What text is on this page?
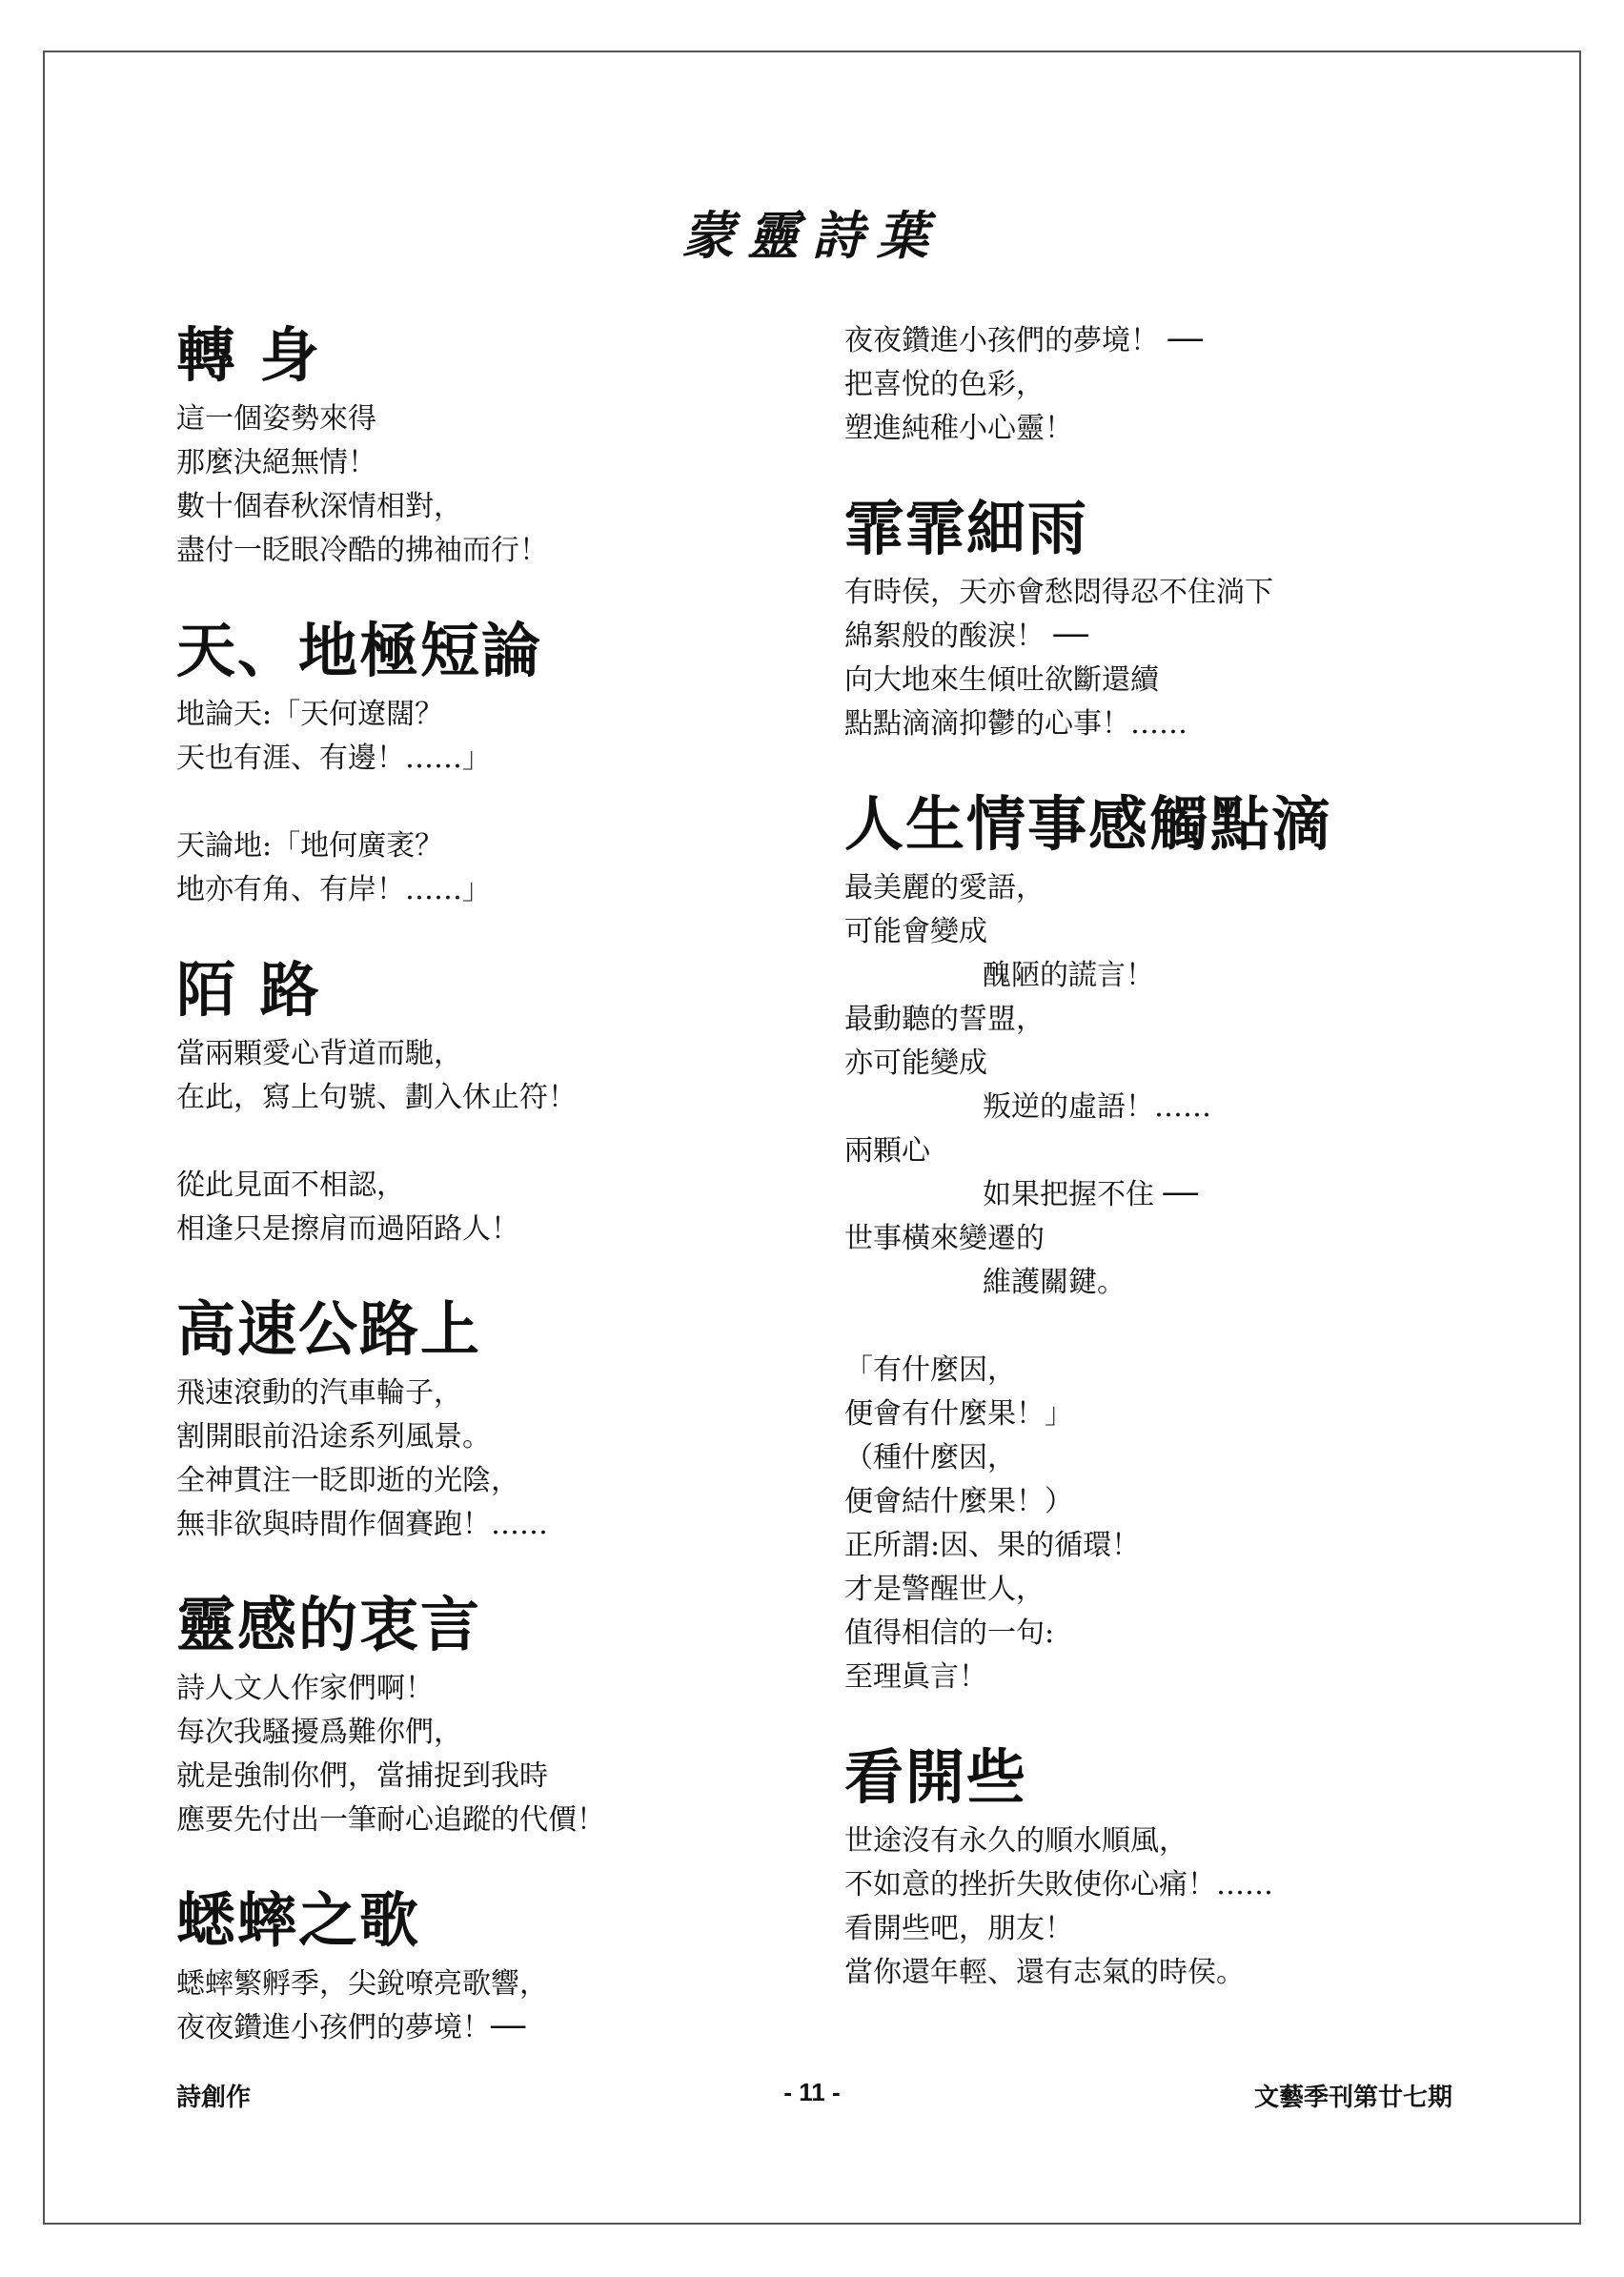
蒙靈詩葉
轉 身
這一個姿勢來得
那麼決絕無情！
數十個春秋深情相對，
盡付一眨眼冷酷的拂袖而行！
天、地極短論
地論天:「天何遼闊？
天也有涯、有邊！……」
天論地:「地何廣袤？
地亦有角、有岸！……」
陌 路
當兩顆愛心背道而馳，
在此，寫上句號、劃入休止符！
從此見面不相認，
相逢只是擦肩而過陌路人！
高速公路上
飛速滾動的汽車輪子，
割開眼前沿途系列風景。
全神貫注一眨即逝的光陰，
無非欲與時間作個賽跑！……
靈感的衷言
詩人文人作家們啊！
每次我騷擾爲難你們，
就是強制你們，當捕捉到我時
應要先付出一筆耐心追蹤的代價！
蟋蟀之歌
蟋蟀繁孵季，尖銳嘹亮歌響，
夜夜鑽進小孩們的夢境！──
夜夜鑽進小孩們的夢境！ ──
把喜悅的色彩，
塑進純稚小心靈！
霏霏細雨
有時侯，天亦會愁悶得忍不住淌下
綿絮般的酸淚！ ──
向大地來生傾吐欲斷還續
點點滴滴抑鬱的心事！……
人生情事感觸點滴
最美麗的愛語，
可能會變成
醜陋的謊言！
最動聽的誓盟，
亦可能變成
叛逆的虛語！……
兩顆心
如果把握不住 ──
世事橫來變遷的
維護關鍵。
「有什麼因，
便會有什麼果！」
（種什麼因，
便會結什麼果！）
正所謂:因、果的循環！
才是警醒世人，
值得相信的一句:
至理眞言！
看開些
世途沒有永久的順水順風，
不如意的挫折失敗使你心痛！……
看開些吧，朋友！
當你還年輕、還有志氣的時侯。
詩創作	- 11 -	文藝季刊第廿七期
